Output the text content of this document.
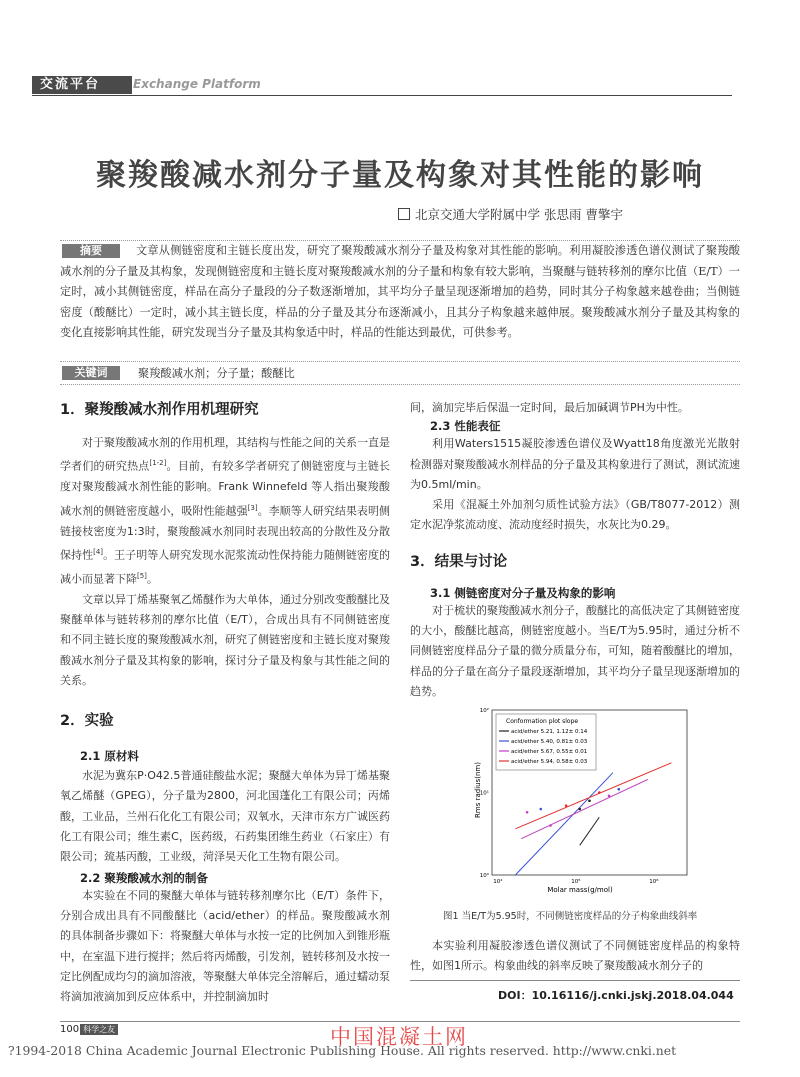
交流平台	Exchange Platform
聚羧酸减水剂分子量及构象对其性能的影响
北京交通大学附属中学 张思雨 曹擎宇
摘要	文章从侧链密度和主链长度出发，研究了聚羧酸减水剂分子量及构象对其性能的影响。利用凝胶渗透色谱仪测试了聚羧酸减水剂的分子量及其构象，发现侧链密度和主链长度对聚羧酸减水剂的分子量和构象有较大影响，当聚醚与链转移剂的摩尔比值（E/T）一定时，减小其侧链密度，样品在高分子量段的分子数逐渐增加，其平均分子量呈现逐渐增加的趋势，同时其分子构象越来越卷曲；当侧链密度（酸醚比）一定时，减小其主链长度，样品的分子量及其分布逐渐减小，且其分子构象越来越伸展。聚羧酸减水剂分子量及其构象的变化直接影响其性能，研究发现当分子量及其构象适中时，样品的性能达到最优，可供参考。
关键词	聚羧酸减水剂；分子量；酸醚比
1．聚羧酸减水剂作用机理研究
对于聚羧酸减水剂的作用机理，其结构与性能之间的关系一直是学者们的研究热点[1-2]。目前，有较多学者研究了侧链密度与主链长度对聚羧酸减水剂性能的影响。Frank Winnefeld 等人指出聚羧酸减水剂的侧链密度越小，吸附性能越强[3]。李顺等人研究结果表明侧链接枝密度为1:3时，聚羧酸减水剂同时表现出较高的分散性及分散保持性[4]。王子明等人研究发现水泥浆流动性保持能力随侧链密度的减小而显著下降[5]。
文章以异丁烯基聚氧乙烯醚作为大单体，通过分别改变酸醚比及聚醚单体与链转移剂的摩尔比值（E/T），合成出具有不同侧链密度和不同主链长度的聚羧酸减水剂，研究了侧链密度和主链长度对聚羧酸减水剂分子量及其构象的影响，探讨分子量及构象与其性能之间的关系。
2．实验
2.1 原材料
水泥为冀东P·O42.5普通硅酸盐水泥；聚醚大单体为异丁烯基聚氧乙烯醚（GPEG），分子量为2800，河北国蓬化工有限公司；丙烯酸，工业品，兰州石化化工有限公司；双氧水，天津市东方广诚医药化工有限公司；维生素C，医药级，石药集团维生药业（石家庄）有限公司；巯基丙酸，工业级，菏泽昊天化工生物有限公司。
2.2 聚羧酸减水剂的制备
本实验在不同的聚醚大单体与链转移剂摩尔比（E/T）条件下，分别合成出具有不同酸醚比（acid/ether）的样品。聚羧酸减水剂的具体制备步骤如下：将聚醚大单体与水按一定的比例加入到锥形瓶中，在室温下进行搅拌；然后将丙烯酸，引发剂，链转移剂及水按一定比例配成均匀的滴加溶液，等聚醚大单体完全溶解后，通过蠕动泵将滴加液滴加到反应体系中，并控制滴加时
间，滴加完毕后保温一定时间，最后加碱调节PH为中性。
2.3 性能表征
利用Waters1515凝胶渗透色谱仪及Wyatt18角度激光光散射检测器对聚羧酸减水剂样品的分子量及其构象进行了测试，测试流速为0.5ml/min。
采用《混凝土外加剂匀质性试验方法》（GB/T8077-2012）测定水泥净浆流动度、流动度经时损失，水灰比为0.29。
3．结果与讨论
3.1 侧链密度对分子量及构象的影响
对于梳状的聚羧酸减水剂分子，酸醚比的高低决定了其侧链密度的大小，酸醚比越高，侧链密度越小。当E/T为5.95时，通过分析不同侧链密度样品分子量的微分质量分布，可知，随着酸醚比的增加，样品的分子量在高分子量段逐渐增加，其平均分子量呈现逐渐增加的趋势。
Molar mass(g/mol)
Rms radius(nm)
10⁴	10⁵	10⁶
10⁰
10¹
10²
Conformation plot slope
acid/ether 5.21, 1.12± 0.14
acid/ether 5.40, 0.81± 0.03
acid/ether 5.67, 0.55± 0.01
acid/ether 5.94, 0.58± 0.03
图1 当E/T为5.95时，不同侧链密度样品的分子构象曲线斜率
本实验利用凝胶渗透色谱仪测试了不同侧链密度样品的构象特性，如图1所示。构象曲线的斜率反映了聚羧酸减水剂分子的
DOI：10.16116/j.cnki.jskj.2018.04.044
100 科学之友	中国混凝土网
?1994-2018 China Academic Journal Electronic Publishing House. All rights reserved. http://www.cnki.net
